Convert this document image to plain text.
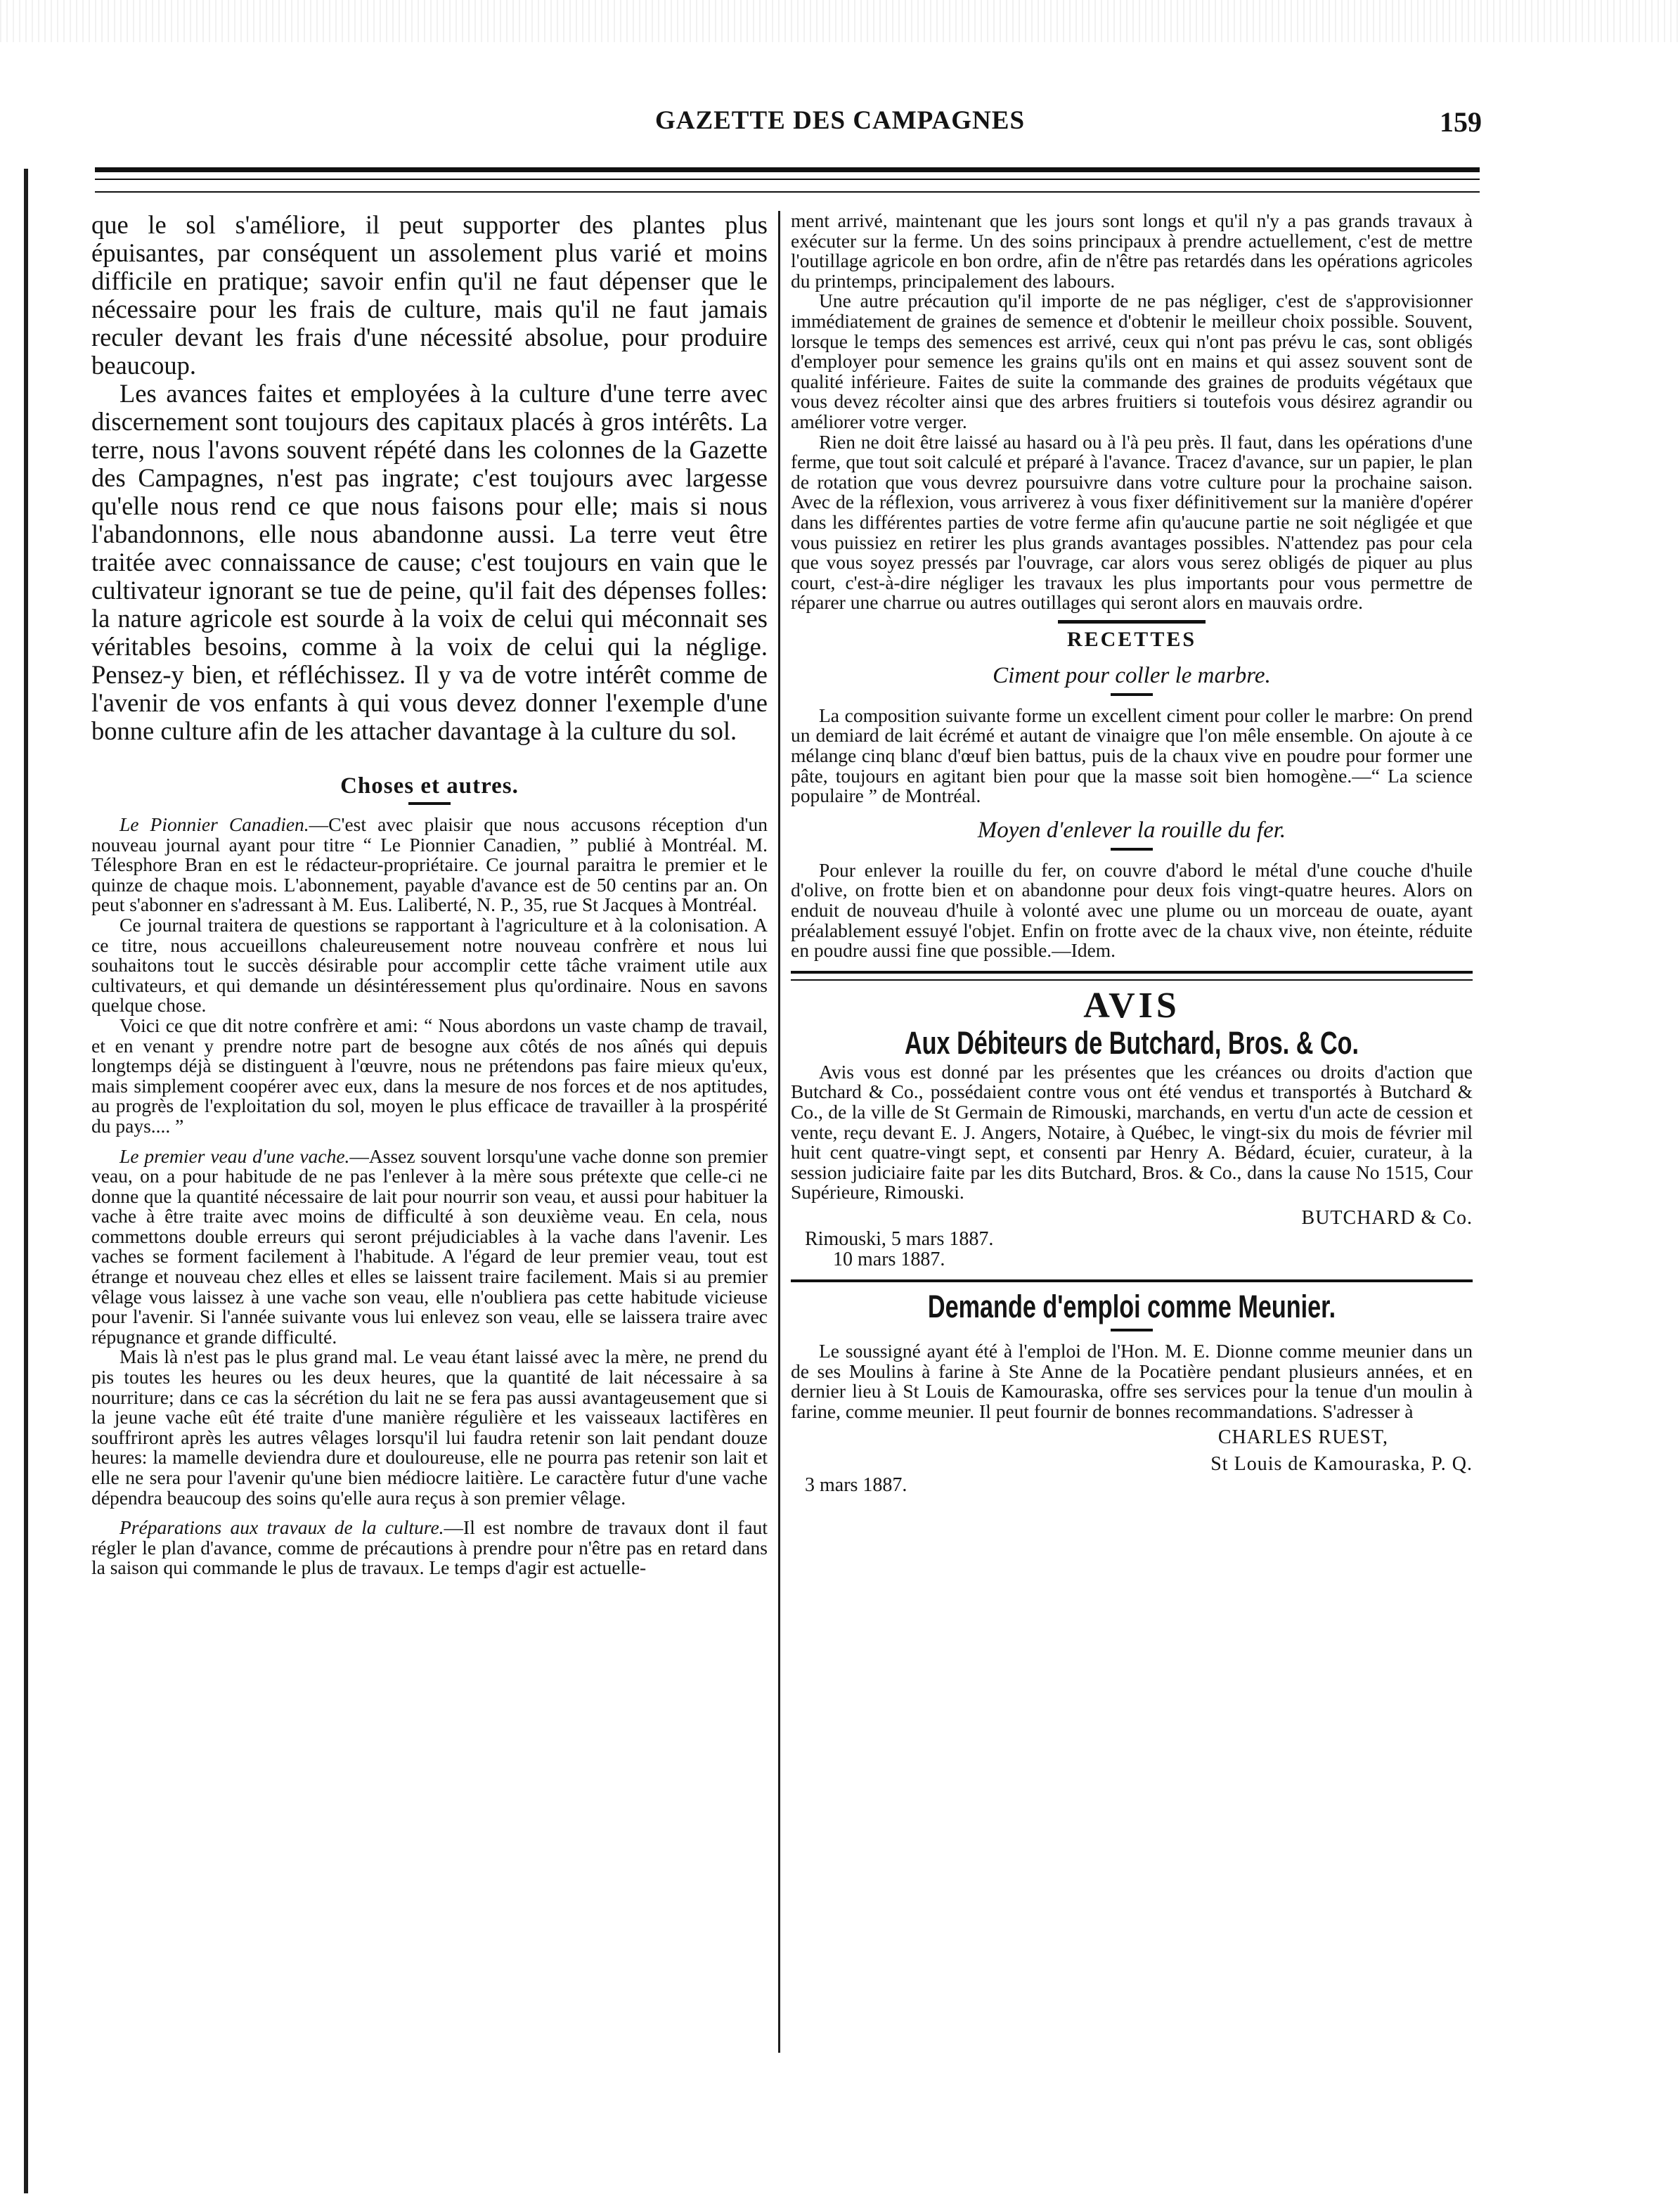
GAZETTE DES CAMPAGNES	159

que le sol s'améliore, il peut supporter des plantes plus épuisantes, par conséquent un assolement plus varié et moins difficile en pratique; savoir enfin qu'il ne faut dépenser que le nécessaire pour les frais de culture, mais qu'il ne faut jamais reculer devant les frais d'une nécessité absolue, pour produire beaucoup.

Les avances faites et employées à la culture d'une terre avec discernement sont toujours des capitaux placés à gros intérêts. La terre, nous l'avons souvent répété dans les colonnes de la Gazette des Campagnes, n'est pas ingrate; c'est toujours avec largesse qu'elle nous rend ce que nous faisons pour elle; mais si nous l'abandonnons, elle nous abandonne aussi. La terre veut être traitée avec connaissance de cause; c'est toujours en vain que le cultivateur ignorant se tue de peine, qu'il fait des dépenses folles: la nature agricole est sourde à la voix de celui qui méconnait ses véritables besoins, comme à la voix de celui qui la néglige. Pensez-y bien, et réfléchissez. Il y va de votre intérêt comme de l'avenir de vos enfants à qui vous devez donner l'exemple d'une bonne culture afin de les attacher davantage à la culture du sol.

Choses et autres.

Le Pionnier Canadien.—C'est avec plaisir que nous accusons réception d'un nouveau journal ayant pour titre “ Le Pionnier Canadien, ” publié à Montréal. M. Télesphore Bran en est le rédacteur-propriétaire. Ce journal paraitra le premier et le quinze de chaque mois. L'abonnement, payable d'avance est de 50 centins par an. On peut s'abonner en s'adressant à M. Eus. Laliberté, N. P., 35, rue St Jacques à Montréal.

Ce journal traitera de questions se rapportant à l'agriculture et à la colonisation. A ce titre, nous accueillons chaleureusement notre nouveau confrère et nous lui souhaitons tout le succès désirable pour accomplir cette tâche vraiment utile aux cultivateurs, et qui demande un désintéressement plus qu'ordinaire. Nous en savons quelque chose.

Voici ce que dit notre confrère et ami: “ Nous abordons un vaste champ de travail, et en venant y prendre notre part de besogne aux côtés de nos aînés qui depuis longtemps déjà se distinguent à l'œuvre, nous ne prétendons pas faire mieux qu'eux, mais simplement coopérer avec eux, dans la mesure de nos forces et de nos aptitudes, au progrès de l'exploitation du sol, moyen le plus efficace de travailler à la prospérité du pays.... ”

Le premier veau d'une vache.—Assez souvent lorsqu'une vache donne son premier veau, on a pour habitude de ne pas l'enlever à la mère sous prétexte que celle-ci ne donne que la quantité nécessaire de lait pour nourrir son veau, et aussi pour habituer la vache à être traite avec moins de difficulté à son deuxième veau. En cela, nous commettons double erreurs qui seront préjudiciables à la vache dans l'avenir. Les vaches se forment facilement à l'habitude. A l'égard de leur premier veau, tout est étrange et nouveau chez elles et elles se laissent traire facilement. Mais si au premier vêlage vous laissez à une vache son veau, elle n'oubliera pas cette habitude vicieuse pour l'avenir. Si l'année suivante vous lui enlevez son veau, elle se laissera traire avec répugnance et grande difficulté.

Mais là n'est pas le plus grand mal. Le veau étant laissé avec la mère, ne prend du pis toutes les heures ou les deux heures, que la quantité de lait nécessaire à sa nourriture; dans ce cas la sécrétion du lait ne se fera pas aussi avantageusement que si la jeune vache eût été traite d'une manière régulière et les vaisseaux lactifères en souffriront après les autres vêlages lorsqu'il lui faudra retenir son lait pendant douze heures: la mamelle deviendra dure et douloureuse, elle ne pourra pas retenir son lait et elle ne sera pour l'avenir qu'une bien médiocre laitière. Le caractère futur d'une vache dépendra beaucoup des soins qu'elle aura reçus à son premier vêlage.

Préparations aux travaux de la culture.—Il est nombre de travaux dont il faut régler le plan d'avance, comme de précautions à prendre pour n'être pas en retard dans la saison qui commande le plus de travaux. Le temps d'agir est actuelle-

ment arrivé, maintenant que les jours sont longs et qu'il n'y a pas grands travaux à exécuter sur la ferme. Un des soins principaux à prendre actuellement, c'est de mettre l'outillage agricole en bon ordre, afin de n'être pas retardés dans les opérations agricoles du printemps, principalement des labours.

Une autre précaution qu'il importe de ne pas négliger, c'est de s'approvisionner immédiatement de graines de semence et d'obtenir le meilleur choix possible. Souvent, lorsque le temps des semences est arrivé, ceux qui n'ont pas prévu le cas, sont obligés d'employer pour semence les grains qu'ils ont en mains et qui assez souvent sont de qualité inférieure. Faites de suite la commande des graines de produits végétaux que vous devez récolter ainsi que des arbres fruitiers si toutefois vous désirez agrandir ou améliorer votre verger.

Rien ne doit être laissé au hasard ou à l'à peu près. Il faut, dans les opérations d'une ferme, que tout soit calculé et préparé à l'avance. Tracez d'avance, sur un papier, le plan de rotation que vous devrez poursuivre dans votre culture pour la prochaine saison. Avec de la réflexion, vous arriverez à vous fixer définitivement sur la manière d'opérer dans les différentes parties de votre ferme afin qu'aucune partie ne soit négligée et que vous puissiez en retirer les plus grands avantages possibles. N'attendez pas pour cela que vous soyez pressés par l'ouvrage, car alors vous serez obligés de piquer au plus court, c'est-à-dire négliger les travaux les plus importants pour vous permettre de réparer une charrue ou autres outillages qui seront alors en mauvais ordre.

RECETTES
Ciment pour coller le marbre.

La composition suivante forme un excellent ciment pour coller le marbre: On prend un demiard de lait écrémé et autant de vinaigre que l'on mêle ensemble. On ajoute à ce mélange cinq blanc d'œuf bien battus, puis de la chaux vive en poudre pour former une pâte, toujours en agitant bien pour que la masse soit bien homogène.—“ La science populaire ” de Montréal.

Moyen d'enlever la rouille du fer.

Pour enlever la rouille du fer, on couvre d'abord le métal d'une couche d'huile d'olive, on frotte bien et on abandonne pour deux fois vingt-quatre heures. Alors on enduit de nouveau d'huile à volonté avec une plume ou un morceau de ouate, ayant préalablement essuyé l'objet. Enfin on frotte avec de la chaux vive, non éteinte, réduite en poudre aussi fine que possible.—Idem.

AVIS
Aux Débiteurs de Butchard, Bros. & Co.

Avis vous est donné par les présentes que les créances ou droits d'action que Butchard & Co., possédaient contre vous ont été vendus et transportés à Butchard & Co., de la ville de St Germain de Rimouski, marchands, en vertu d'un acte de cession et vente, reçu devant E. J. Angers, Notaire, à Québec, le vingt-six du mois de février mil huit cent quatre-vingt sept, et consenti par Henry A. Bédard, écuier, curateur, à la session judiciaire faite par les dits Butchard, Bros. & Co., dans la cause No 1515, Cour Supérieure, Rimouski.

BUTCHARD & Co.
Rimouski, 5 mars 1887.
10 mars 1887.
Demande d'emploi comme Meunier.

Le soussigné ayant été à l'emploi de l'Hon. M. E. Dionne comme meunier dans un de ses Moulins à farine à Ste Anne de la Pocatière pendant plusieurs années, et en dernier lieu à St Louis de Kamouraska, offre ses services pour la tenue d'un moulin à farine, comme meunier. Il peut fournir de bonnes recommandations. S'adresser à

CHARLES RUEST,
St Louis de Kamouraska, P. Q.
3 mars 1887.
